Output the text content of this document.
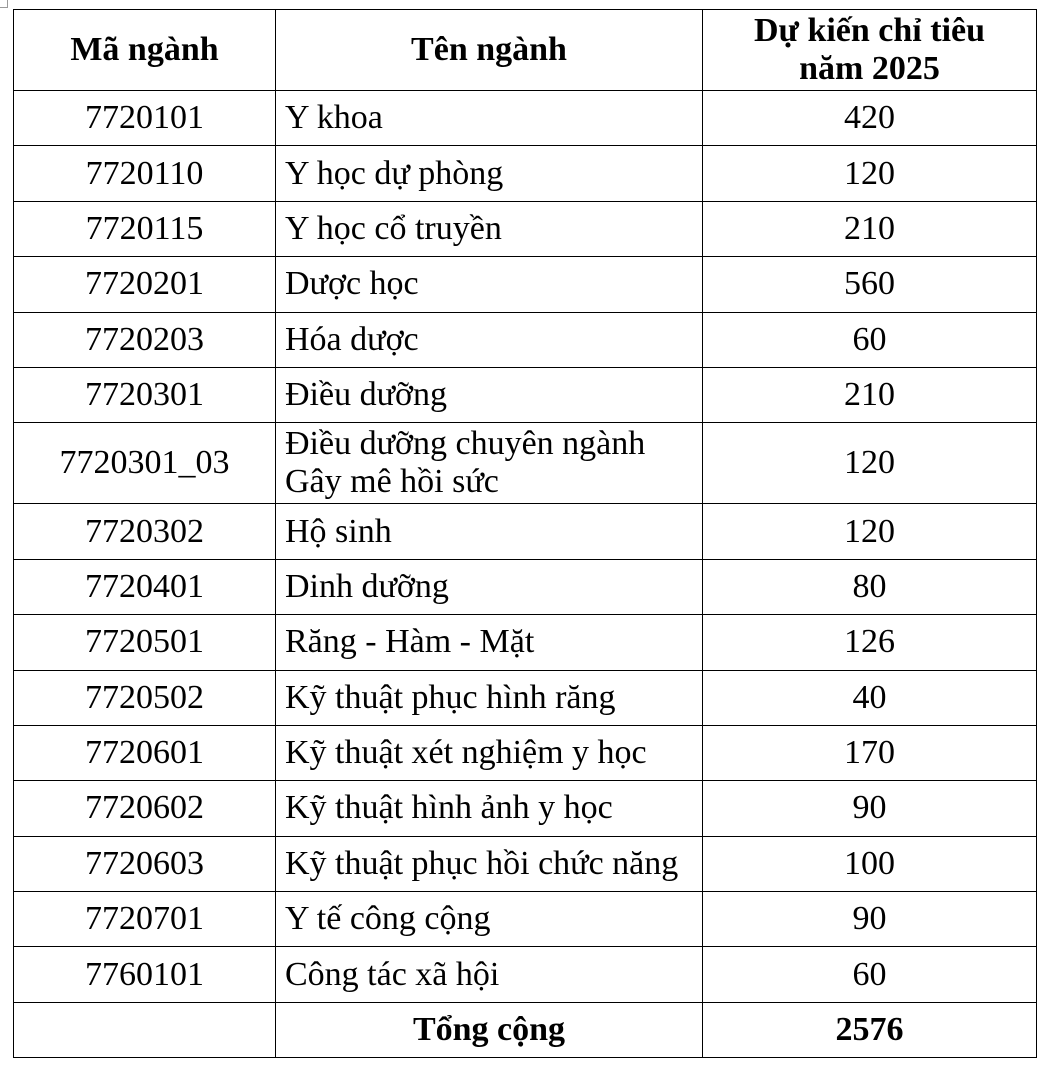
Mã ngành	Tên ngành	Dự kiến chỉ tiêu
năm 2025

7720101	Y khoa	420
7720110	Y học dự phòng	120
7720115	Y học cổ truyền	210
7720201	Dược học	560
7720203	Hóa dược	60
7720301	Điều dưỡng	210
7720301_03	Điều dưỡng chuyên ngành
Gây mê hồi sức	120
7720302	Hộ sinh	120
7720401	Dinh dưỡng	80
7720501	Răng - Hàm - Mặt	126
7720502	Kỹ thuật phục hình răng	40
7720601	Kỹ thuật xét nghiệm y học	170
7720602	Kỹ thuật hình ảnh y học	90
7720603	Kỹ thuật phục hồi chức năng	100
7720701	Y tế công cộng	90
7760101	Công tác xã hội	60
	Tổng cộng	2576
